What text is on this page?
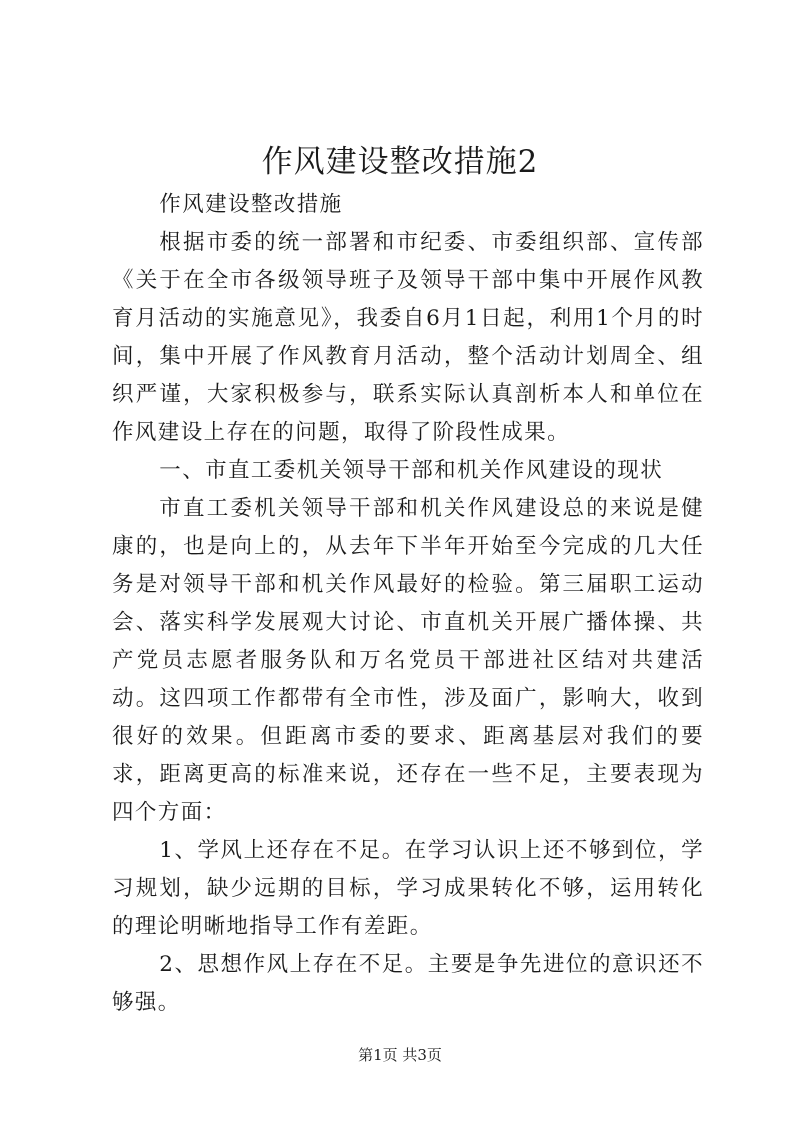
作风建设整改措施2

作风建设整改措施

根据市委的统一部署和市纪委、市委组织部、宣传部《关于在全市各级领导班子及领导干部中集中开展作风教育月活动的实施意见》，我委自6月1日起，利用1个月的时间，集中开展了作风教育月活动，整个活动计划周全、组织严谨，大家积极参与，联系实际认真剖析本人和单位在作风建设上存在的问题，取得了阶段性成果。

一、市直工委机关领导干部和机关作风建设的现状

市直工委机关领导干部和机关作风建设总的来说是健康的，也是向上的，从去年下半年开始至今完成的几大任务是对领导干部和机关作风最好的检验。第三届职工运动会、落实科学发展观大讨论、市直机关开展广播体操、共产党员志愿者服务队和万名党员干部进社区结对共建活动。这四项工作都带有全市性，涉及面广，影响大，收到很好的效果。但距离市委的要求、距离基层对我们的要求，距离更高的标准来说，还存在一些不足，主要表现为四个方面：

1、学风上还存在不足。在学习认识上还不够到位，学习规划，缺少远期的目标，学习成果转化不够，运用转化的理论明晰地指导工作有差距。

2、思想作风上存在不足。主要是争先进位的意识还不够强。

第1页 共3页
